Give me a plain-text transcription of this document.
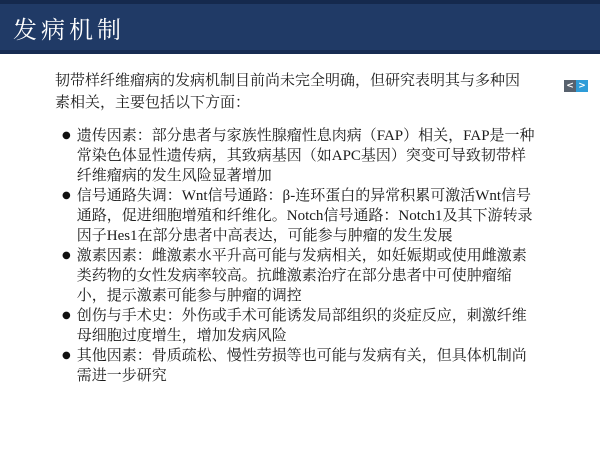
发病机制
< >

韧带样纤维瘤病的发病机制目前尚未完全明确，但研究表明其与多种因素相关，主要包括以下方面：

● 遗传因素：部分患者与家族性腺瘤性息肉病（FAP）相关，FAP是一种常染色体显性遗传病，其致病基因（如APC基因）突变可导致韧带样纤维瘤病的发生风险显著增加
● 信号通路失调：Wnt信号通路：β-连环蛋白的异常积累可激活Wnt信号通路，促进细胞增殖和纤维化。Notch信号通路：Notch1及其下游转录因子Hes1在部分患者中高表达，可能参与肿瘤的发生发展
● 激素因素：雌激素水平升高可能与发病相关，如妊娠期或使用雌激素类药物的女性发病率较高。抗雌激素治疗在部分患者中可使肿瘤缩小，提示激素可能参与肿瘤的调控
● 创伤与手术史：外伤或手术可能诱发局部组织的炎症反应，刺激纤维母细胞过度增生，增加发病风险
● 其他因素：骨质疏松、慢性劳损等也可能与发病有关，但具体机制尚需进一步研究
